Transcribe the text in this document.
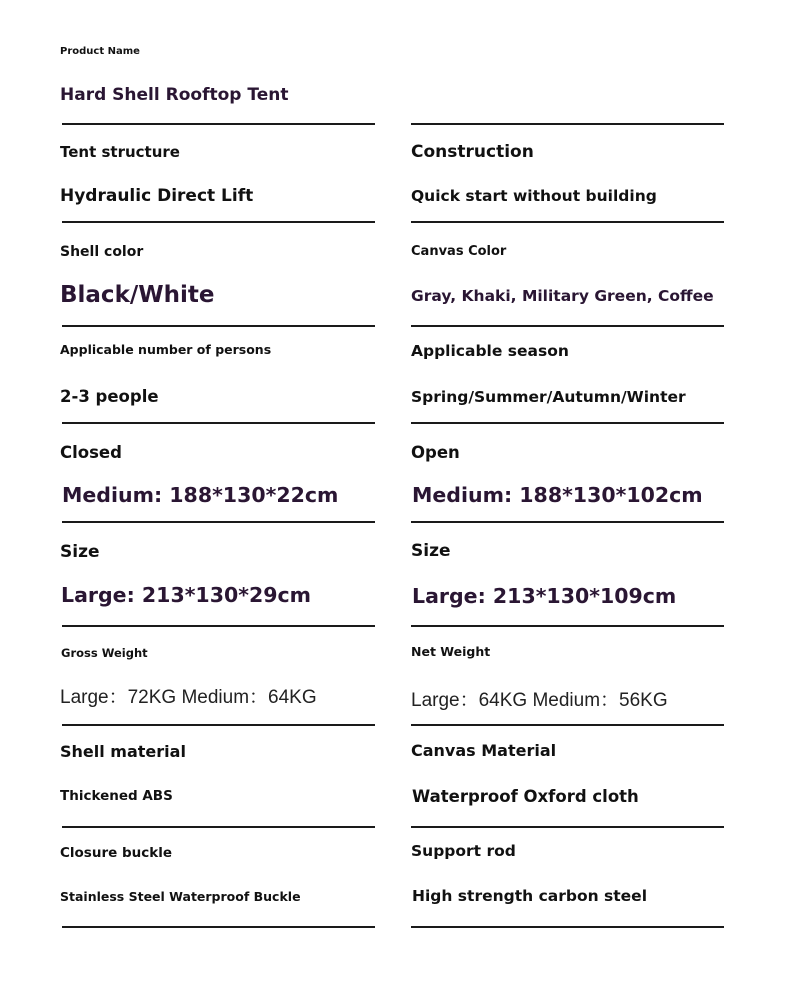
Product Name
Hard Shell Rooftop Tent
Tent structure
Hydraulic Direct Lift
Construction
Quick start without building
Shell color
Black/White
Canvas Color
Gray, Khaki, Military Green, Coffee
Applicable number of persons
2-3 people
Applicable season
Spring/Summer/Autumn/Winter
Closed
Medium: 188*130*22cm
Open
Medium: 188*130*102cm
Size
Large: 213*130*29cm
Size
Large: 213*130*109cm
Gross Weight
Large：72KG Medium：64KG
Net Weight
Large：64KG Medium：56KG
Shell material
Thickened ABS
Canvas Material
Waterproof Oxford cloth
Closure buckle
Stainless Steel Waterproof Buckle
Support rod
High strength carbon steel
